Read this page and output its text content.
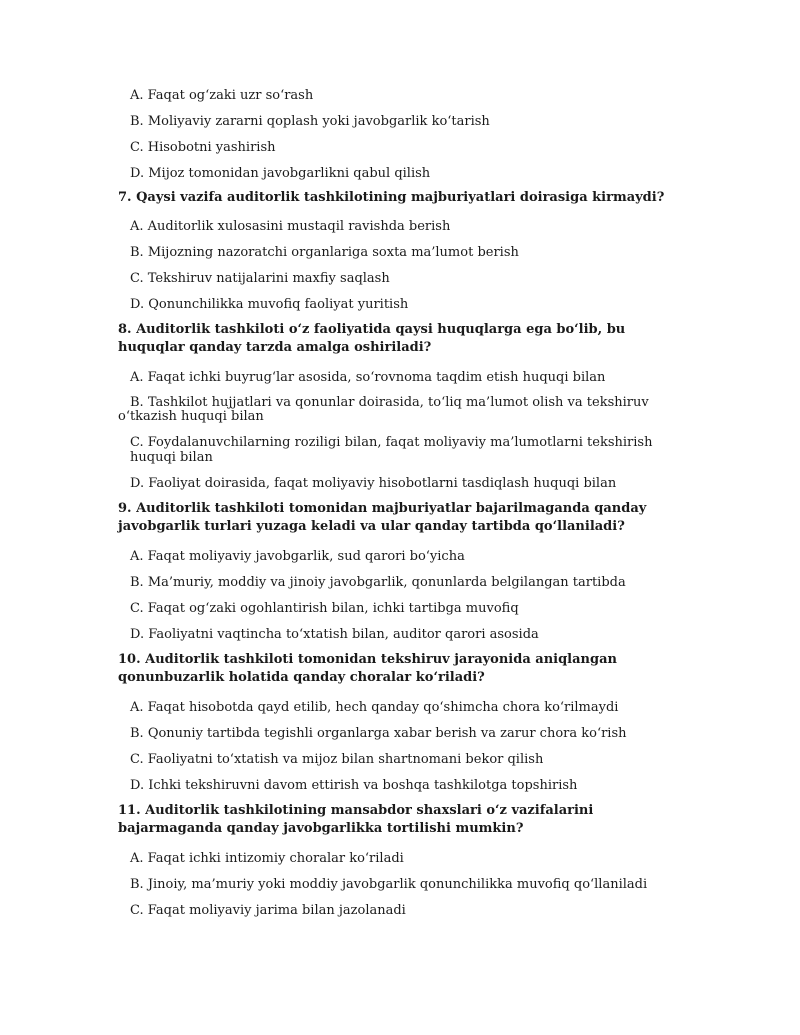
A. Faqat og‘zaki uzr so‘rash

B. Moliyaviy zararni qoplash yoki javobgarlik ko‘tarish

C. Hisobotni yashirish

D. Mijoz tomonidan javobgarlikni qabul qilish

7. Qaysi vazifa auditorlik tashkilotining majburiyatlari doirasiga kirmaydi?

A. Auditorlik xulosasini mustaqil ravishda berish

B. Mijozning nazoratchi organlariga soxta ma’lumot berish

C. Tekshiruv natijalarini maxfiy saqlash

D. Qonunchilikka muvofiq faoliyat yuritish

8. Auditorlik tashkiloti o‘z faoliyatida qaysi huquqlarga ega bo‘lib, bu huquqlar qanday tarzda amalga oshiriladi?

A. Faqat ichki buyrug‘lar asosida, so‘rovnoma taqdim etish huquqi bilan

B. Tashkilot hujjatlari va qonunlar doirasida, to‘liq ma’lumot olish va tekshiruv o‘tkazish huquqi bilan

C. Foydalanuvchilarning roziligi bilan, faqat moliyaviy ma’lumotlarni tekshirish huquqi bilan

D. Faoliyat doirasida, faqat moliyaviy hisobotlarni tasdiqlash huquqi bilan

9. Auditorlik tashkiloti tomonidan majburiyatlar bajarilmaganda qanday javobgarlik turlari yuzaga keladi va ular qanday tartibda qo‘llaniladi?

A. Faqat moliyaviy javobgarlik, sud qarori bo‘yicha

B. Ma’muriy, moddiy va jinoiy javobgarlik, qonunlarda belgilangan tartibda

C. Faqat og‘zaki ogohlantirish bilan, ichki tartibga muvofiq

D. Faoliyatni vaqtincha to‘xtatish bilan, auditor qarori asosida

10. Auditorlik tashkiloti tomonidan tekshiruv jarayonida aniqlangan qonunbuzarlik holatida qanday choralar ko‘riladi?

A. Faqat hisobotda qayd etilib, hech qanday qo‘shimcha chora ko‘rilmaydi

B. Qonuniy tartibda tegishli organlarga xabar berish va zarur chora ko‘rish

C. Faoliyatni to‘xtatish va mijoz bilan shartnomani bekor qilish

D. Ichki tekshiruvni davom ettirish va boshqa tashkilotga topshirish

11. Auditorlik tashkilotining mansabdor shaxslari o‘z vazifalarini bajarmaganda qanday javobgarlikka tortilishi mumkin?

A. Faqat ichki intizomiy choralar ko‘riladi

B. Jinoiy, ma’muriy yoki moddiy javobgarlik qonunchilikka muvofiq qo‘llaniladi

C. Faqat moliyaviy jarima bilan jazolanadi
